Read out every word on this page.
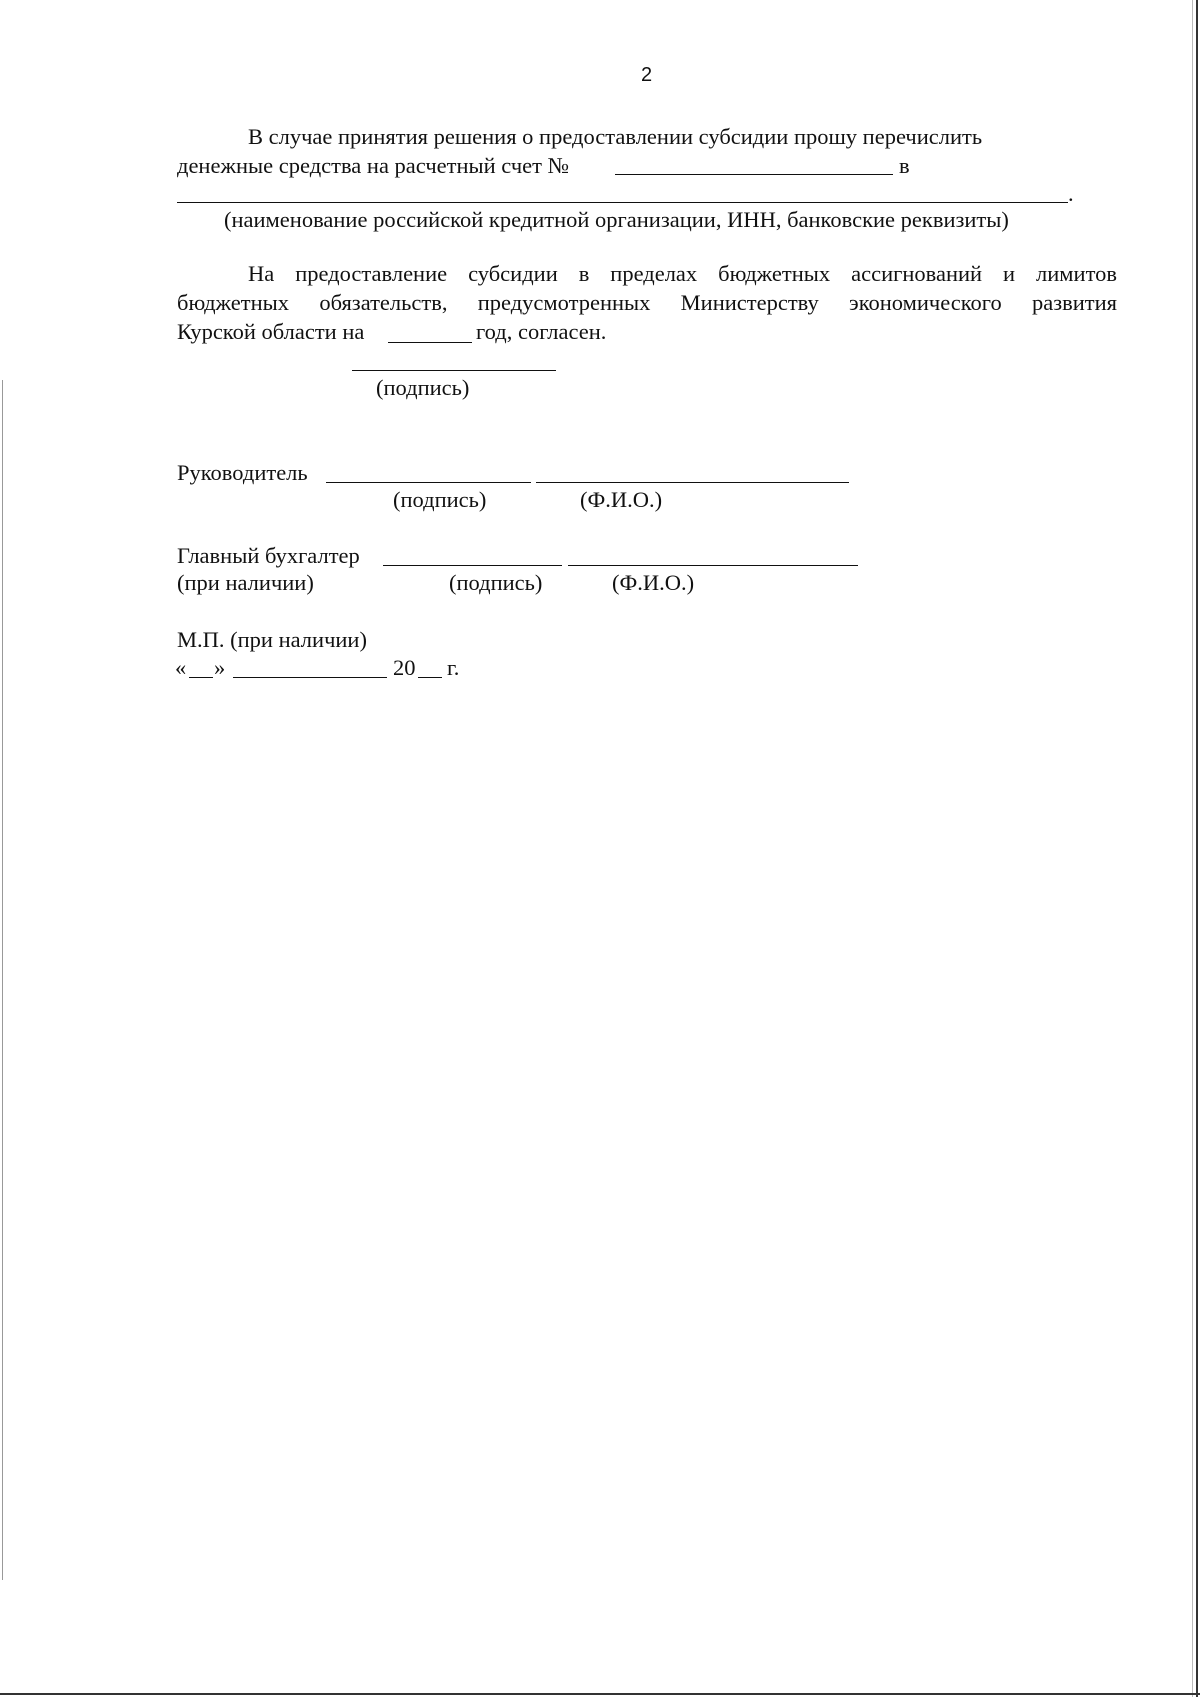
2
В случае принятия решения о предоставлении субсидии прошу перечислить
денежные средства на расчетный счет №	в
.
(наименование российской кредитной организации, ИНН, банковские реквизиты)
На предоставление субсидии в пределах бюджетных ассигнований и лимитов
бюджетных обязательств, предусмотренных Министерству экономического развития
Курской области на	год, согласен.
(подпись)
Руководитель
(подпись)	(Ф.И.О.)
Главный бухгалтер
(при наличии)	(подпись)	(Ф.И.О.)
М.П. (при наличии)
« »	20 г.
